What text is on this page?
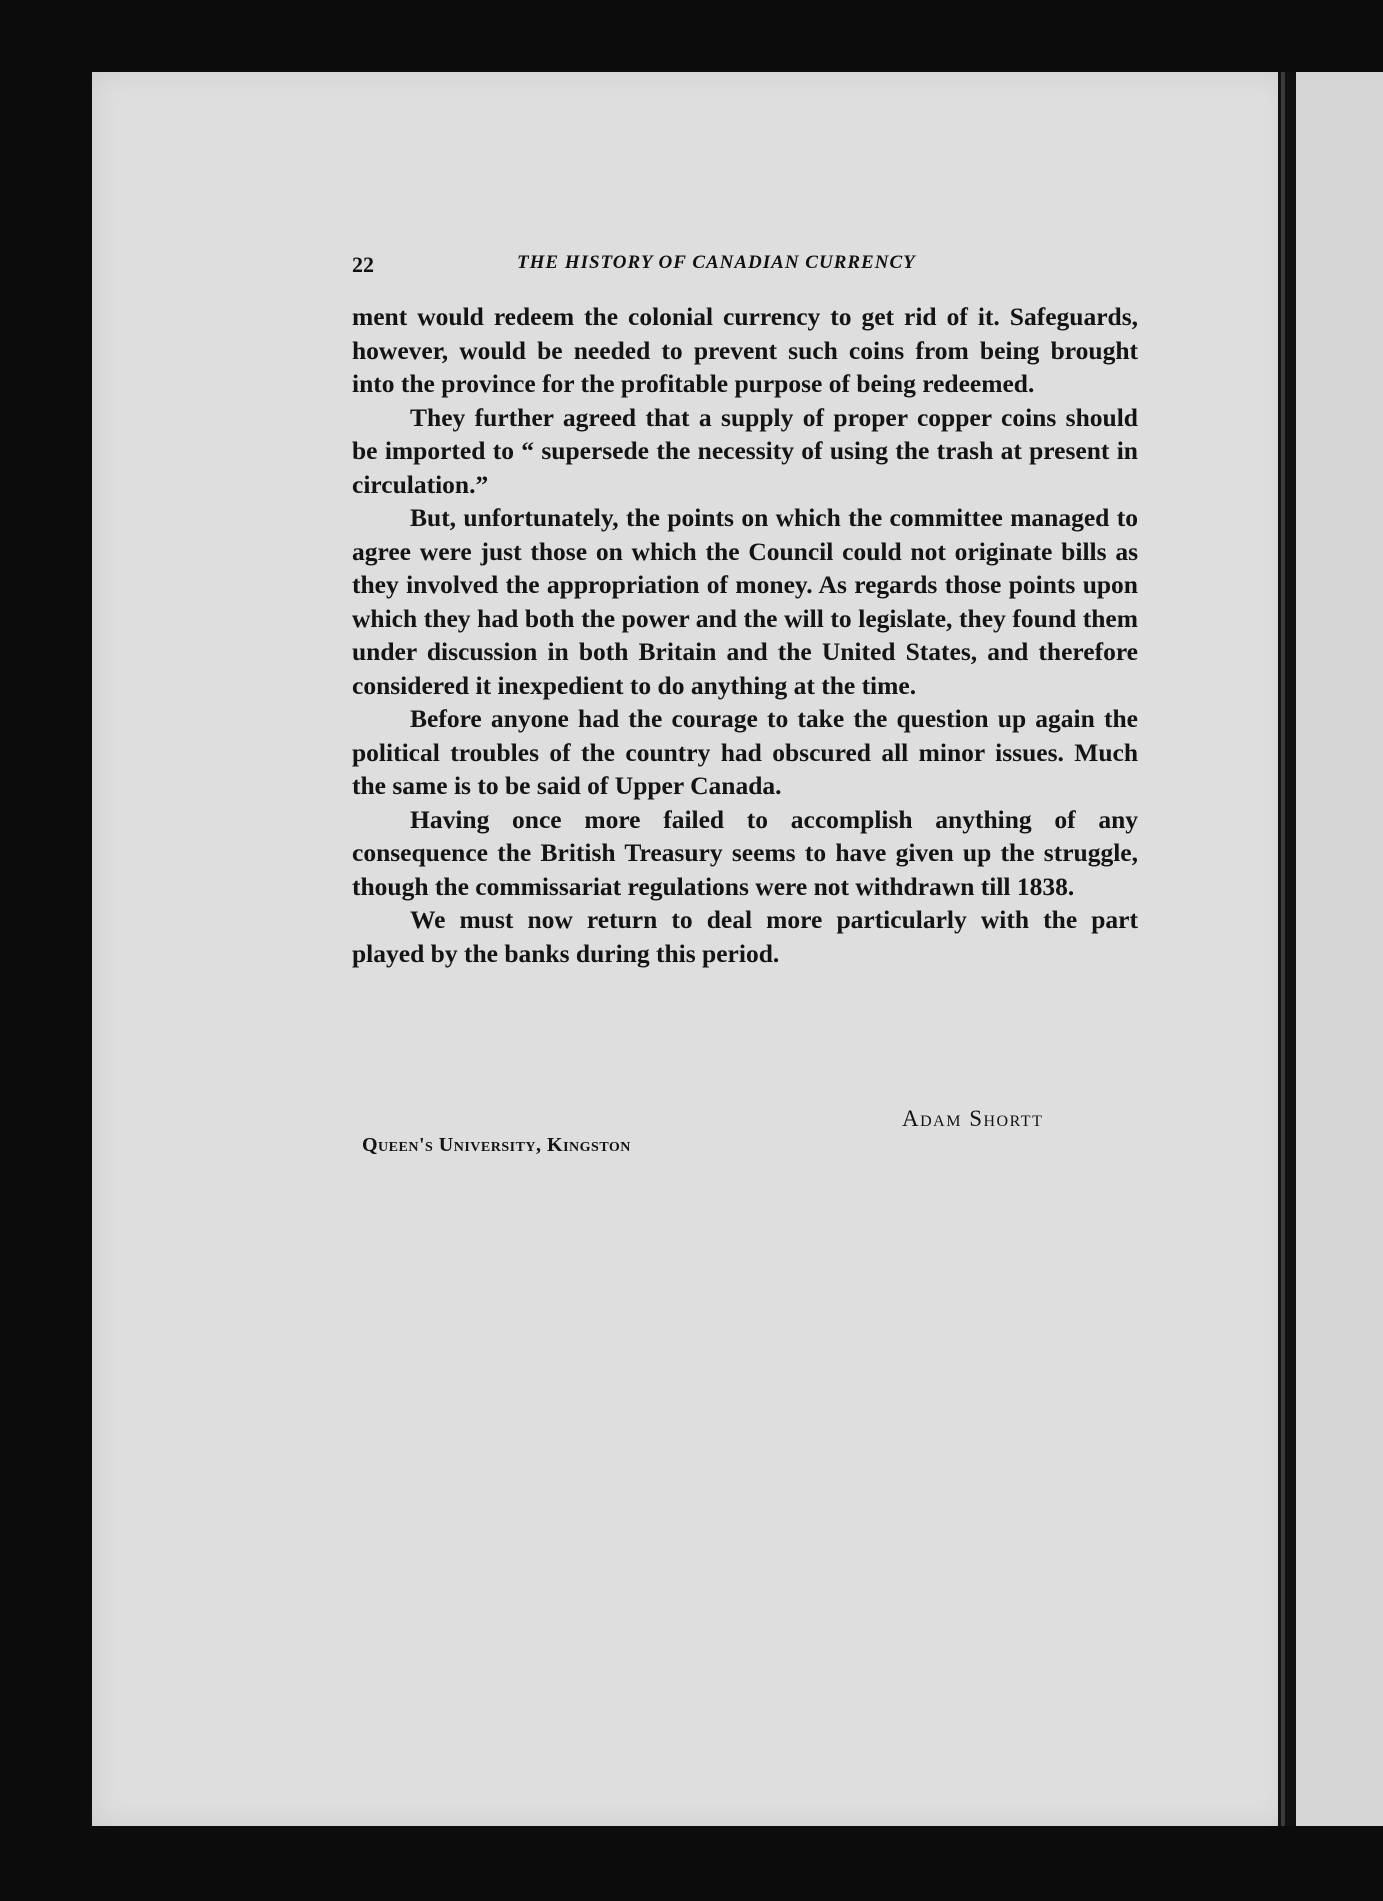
22	THE HISTORY OF CANADIAN CURRENCY

ment would redeem the colonial currency to get rid of it. Safeguards, however, would be needed to prevent such coins from being brought into the province for the profitable purpose of being redeemed.

They further agreed that a supply of proper copper coins should be imported to “ supersede the necessity of using the trash at present in circulation.”

But, unfortunately, the points on which the committee managed to agree were just those on which the Council could not originate bills as they involved the appropriation of money. As regards those points upon which they had both the power and the will to legislate, they found them under discussion in both Britain and the United States, and therefore considered it inexpedient to do anything at the time.

Before anyone had the courage to take the question up again the political troubles of the country had obscured all minor issues. Much the same is to be said of Upper Canada.

Having once more failed to accomplish anything of any consequence the British Treasury seems to have given up the struggle, though the commissariat regulations were not withdrawn till 1838.

We must now return to deal more particularly with the part played by the banks during this period.

Adam Shortt
Queen's University, Kingston
